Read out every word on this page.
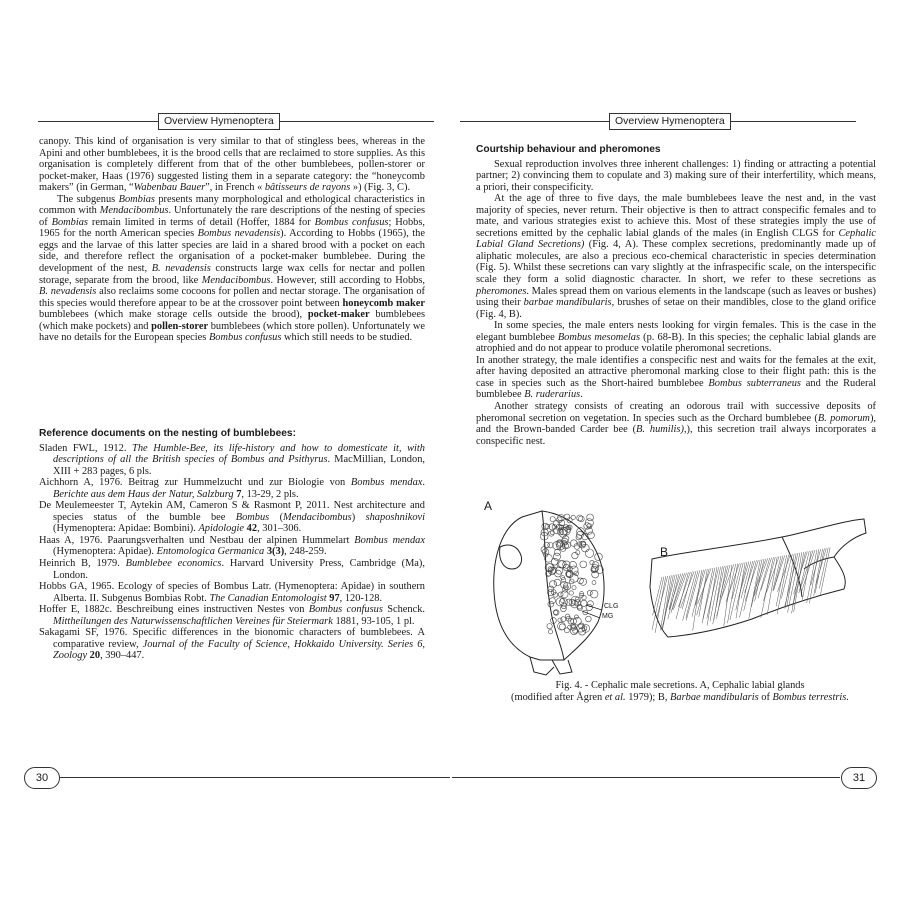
Overview Hymenoptera

canopy. This kind of organisation is very similar to that of stingless bees, whereas in the Apini and other bumblebees, it is the brood cells that are reclaimed to store supplies. As this organisation is completely different from that of the other bumblebees, pollen-storer or pocket-maker, Haas (1976) suggested listing them in a separate category: the “honeycomb makers” (in German, “Wabenbau Bauer”, in French « bâtisseurs de rayons ») (Fig. 3, C).

The subgenus Bombias presents many morphological and ethological characteristics in common with Mendacibombus. Unfortunately the rare descriptions of the nesting of species of Bombias remain limited in terms of detail (Hoffer, 1884 for Bombus confusus; Hobbs, 1965 for the north American species Bombus nevadensis). According to Hobbs (1965), the eggs and the larvae of this latter species are laid in a shared brood with a pocket on each side, and therefore reflect the organisation of a pocket-maker bumblebee. During the development of the nest, B. nevadensis constructs large wax cells for nectar and pollen storage, separate from the brood, like Mendacibombus. However, still according to Hobbs, B. nevadensis also reclaims some cocoons for pollen and nectar storage. The organisation of this species would therefore appear to be at the crossover point between honeycomb maker bumblebees (which make storage cells outside the brood), pocket-maker bumblebees (which make pockets) and pollen-storer bumblebees (which store pollen). Unfortunately we have no details for the European species Bombus confusus which still needs to be studied.

Reference documents on the nesting of bumblebees:
Sladen FWL, 1912. The Humble-Bee, its life-history and how to domesticate it, with descriptions of all the British species of Bombus and Psithyrus. MacMillian, London, XIII + 283 pages, 6 pls.
Aichhorn A, 1976. Beitrag zur Hummelzucht und zur Biologie von Bombus mendax. Berichte aus dem Haus der Natur, Salzburg 7, 13-29, 2 pls.
De Meulemeester T, Aytekin AM, Cameron S & Rasmont P, 2011. Nest architecture and species status of the bumble bee Bombus (Mendacibombus) shaposhnikovi (Hymenoptera: Apidae: Bombini). Apidologie 42, 301–306.
Haas A, 1976. Paarungsverhalten und Nestbau der alpinen Hummelart Bombus mendax (Hymenoptera: Apidae). Entomologica Germanica 3(3), 248-259.
Heinrich B, 1979. Bumblebee economics. Harvard University Press, Cambridge (Ma), London.
Hobbs GA, 1965. Ecology of species of Bombus Latr. (Hymenoptera: Apidae) in southern Alberta. II. Subgenus Bombias Robt. The Canadian Entomologist 97, 120-128.
Hoffer E, 1882c. Beschreibung eines instructiven Nestes von Bombus confusus Schenck. Mittheilungen des Naturwissenschaftlichen Vereines für Steiermark 1881, 93-105, 1 pl.
Sakagami SF, 1976. Specific differences in the bionomic characters of bumblebees. A comparative review, Journal of the Faculty of Science, Hokkaido University. Series 6, Zoology 20, 390–447.
30
Overview Hymenoptera
Courtship behaviour and pheromones

Sexual reproduction involves three inherent challenges: 1) finding or attracting a potential partner; 2) convincing them to copulate and 3) making sure of their interfertility, which means, a priori, their conspecificity.

At the age of three to five days, the male bumblebees leave the nest and, in the vast majority of species, never return. Their objective is then to attract conspecific females and to mate, and various strategies exist to achieve this. Most of these strategies imply the use of secretions emitted by the cephalic labial glands of the males (in English CLGS for Cephalic Labial Gland Secretions) (Fig. 4, A). These complex secretions, predominantly made up of aliphatic molecules, are also a precious eco-chemical characteristic in species determination (Fig. 5). Whilst these secretions can vary slightly at the infraspecific scale, on the interspecific scale they form a solid diagnostic character. In short, we refer to these secretions as pheromones. Males spread them on various elements in the landscape (such as leaves or bushes) using their barbae mandibularis, brushes of setae on their mandibles, close to the gland orifice (Fig. 4, B).

In some species, the male enters nests looking for virgin females. This is the case in the elegant bumblebee Bombus mesomelas (p. 68-B). In this species; the cephalic labial glands are atrophied and do not appear to produce volatile pheromonal secretions.

In another strategy, the male identifies a conspecific nest and waits for the females at the exit, after having deposited an attractive pheromonal marking close to their flight path: this is the case in species such as the Short-haired bumblebee Bombus subterraneus and the Ruderal bumblebee B. ruderarius.

Another strategy consists of creating an odorous trail with successive deposits of pheromonal secretion on vegetation. In species such as the Orchard bumblebee (B. pomorum), and the Brown-banded Carder bee (B. humilis),), this secretion trail always incorporates a conspecific nest.

31
A
B
CLG
MG
Fig. 4. - Cephalic male secretions. A, Cephalic labial glands
(modified after Ågren et al. 1979); B, Barbae mandibularis of Bombus terrestris.
